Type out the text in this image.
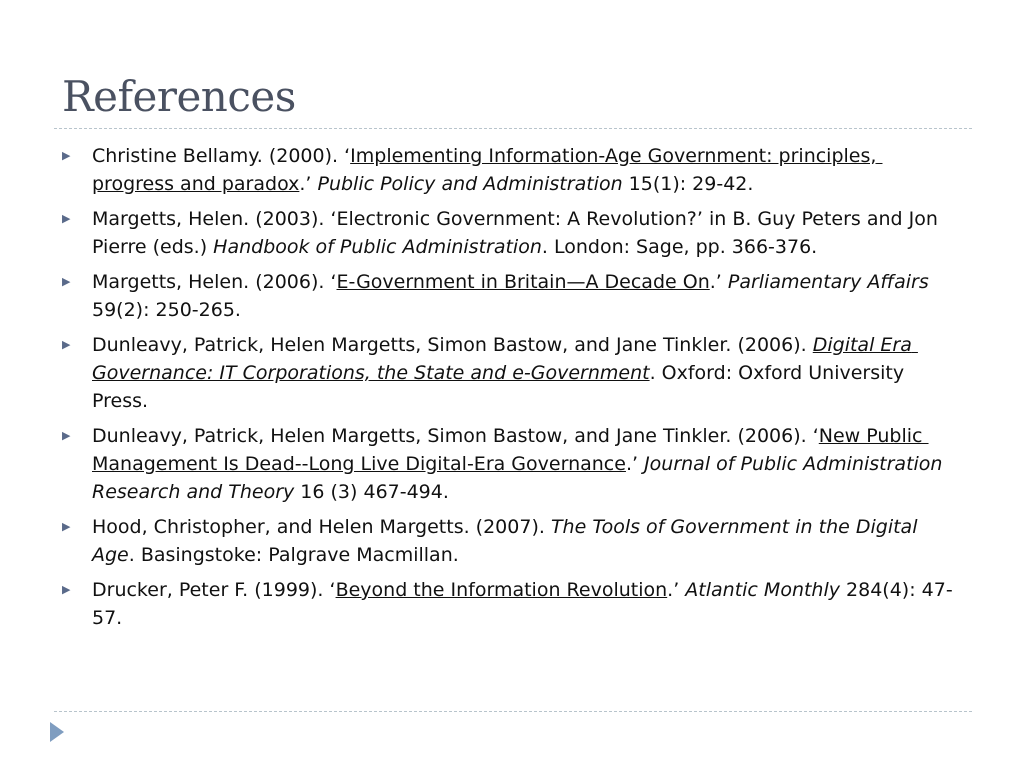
References
▶ Christine Bellamy. (2000). ‘Implementing Information-Age Government: principles, progress and paradox.’ Public Policy and Administration 15(1): 29-42.
▶ Margetts, Helen. (2003). ‘Electronic Government: A Revolution?’ in B. Guy Peters and Jon Pierre (eds.) Handbook of Public Administration. London: Sage, pp. 366-376.
▶ Margetts, Helen. (2006). ‘E-Government in Britain—A Decade On.’ Parliamentary Affairs 59(2): 250-265.
▶ Dunleavy, Patrick, Helen Margetts, Simon Bastow, and Jane Tinkler. (2006). Digital Era Governance: IT Corporations, the State and e-Government. Oxford: Oxford University Press.
▶ Dunleavy, Patrick, Helen Margetts, Simon Bastow, and Jane Tinkler. (2006). ‘New Public Management Is Dead--Long Live Digital-Era Governance.’ Journal of Public Administration Research and Theory 16 (3) 467-494.
▶ Hood, Christopher, and Helen Margetts. (2007). The Tools of Government in the Digital Age. Basingstoke: Palgrave Macmillan.
▶ Drucker, Peter F. (1999). ‘Beyond the Information Revolution.’ Atlantic Monthly 284(4): 47-57.
